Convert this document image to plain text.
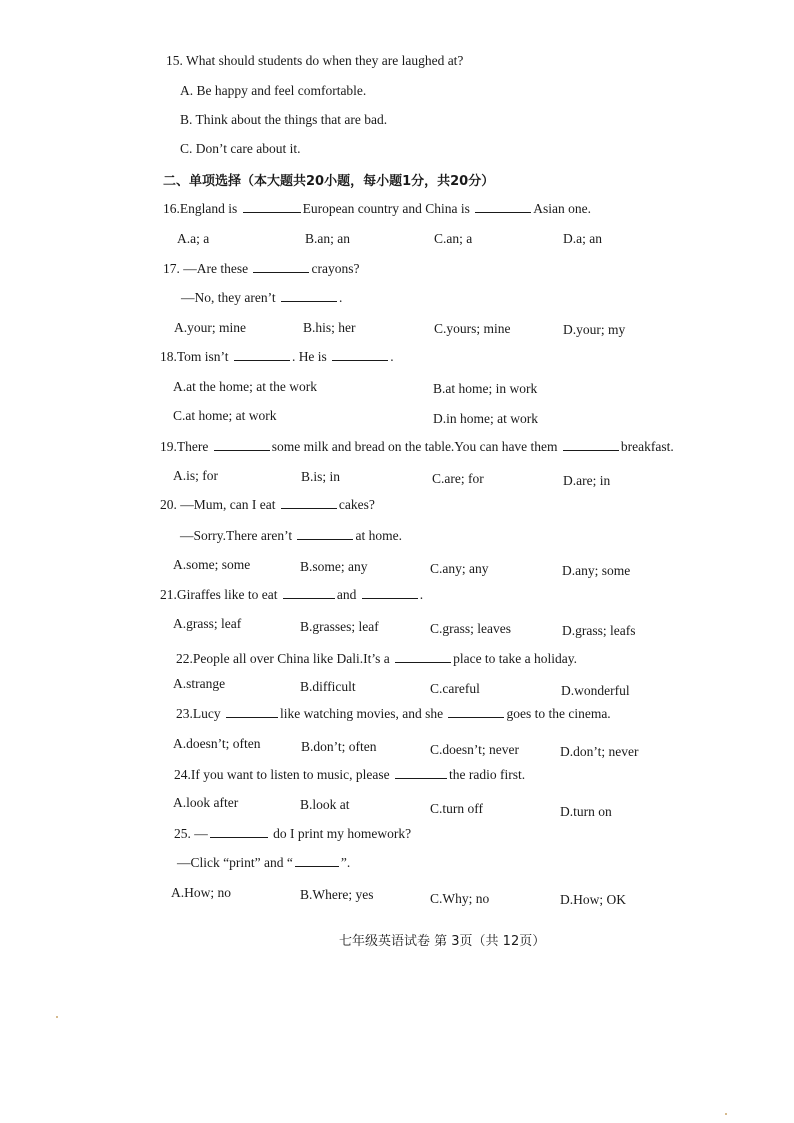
15. What should students do when they are laughed at?
A. Be happy and feel comfortable.
B. Think about the things that are bad.
C. Don’t care about it.
二、单项选择（本大题共20小题，每小题1分，共20分）
16.England is	European country and China is	Asian one.
A.a; a	B.an; an	C.an; a	D.a; an
17. —Are these	crayons?
—No, they aren’t	.
A.your; mine	B.his; her	C.yours; mine	D.your; my
18.Tom isn’t	. He is	.
A.at the home; at the work	B.at home; in work
C.at home; at work	D.in home; at work
19.There	some milk and bread on the table.You can have them	breakfast.
A.is; for	B.is; in	C.are; for	D.are; in
20. —Mum, can I eat	cakes?
—Sorry.There aren’t	at home.
A.some; some	B.some; any	C.any; any	D.any; some
21.Giraffes like to eat	and	.
A.grass; leaf	B.grasses; leaf	C.grass; leaves	D.grass; leafs
22.People all over China like Dali.It’s a	place to take a holiday.
A.strange	B.difficult	C.careful	D.wonderful
23.Lucy	like watching movies, and she	goes to the cinema.
A.doesn’t; often	B.don’t; often	C.doesn’t; never	D.don’t; never
24.If you want to listen to music, please	the radio first.
A.look after	B.look at	C.turn off	D.turn on
25. —	do I print my homework?
—Click “print” and “	”.
A.How; no	B.Where; yes	C.Why; no	D.How; OK
七年级英语试卷 第 3页（共 12页）
